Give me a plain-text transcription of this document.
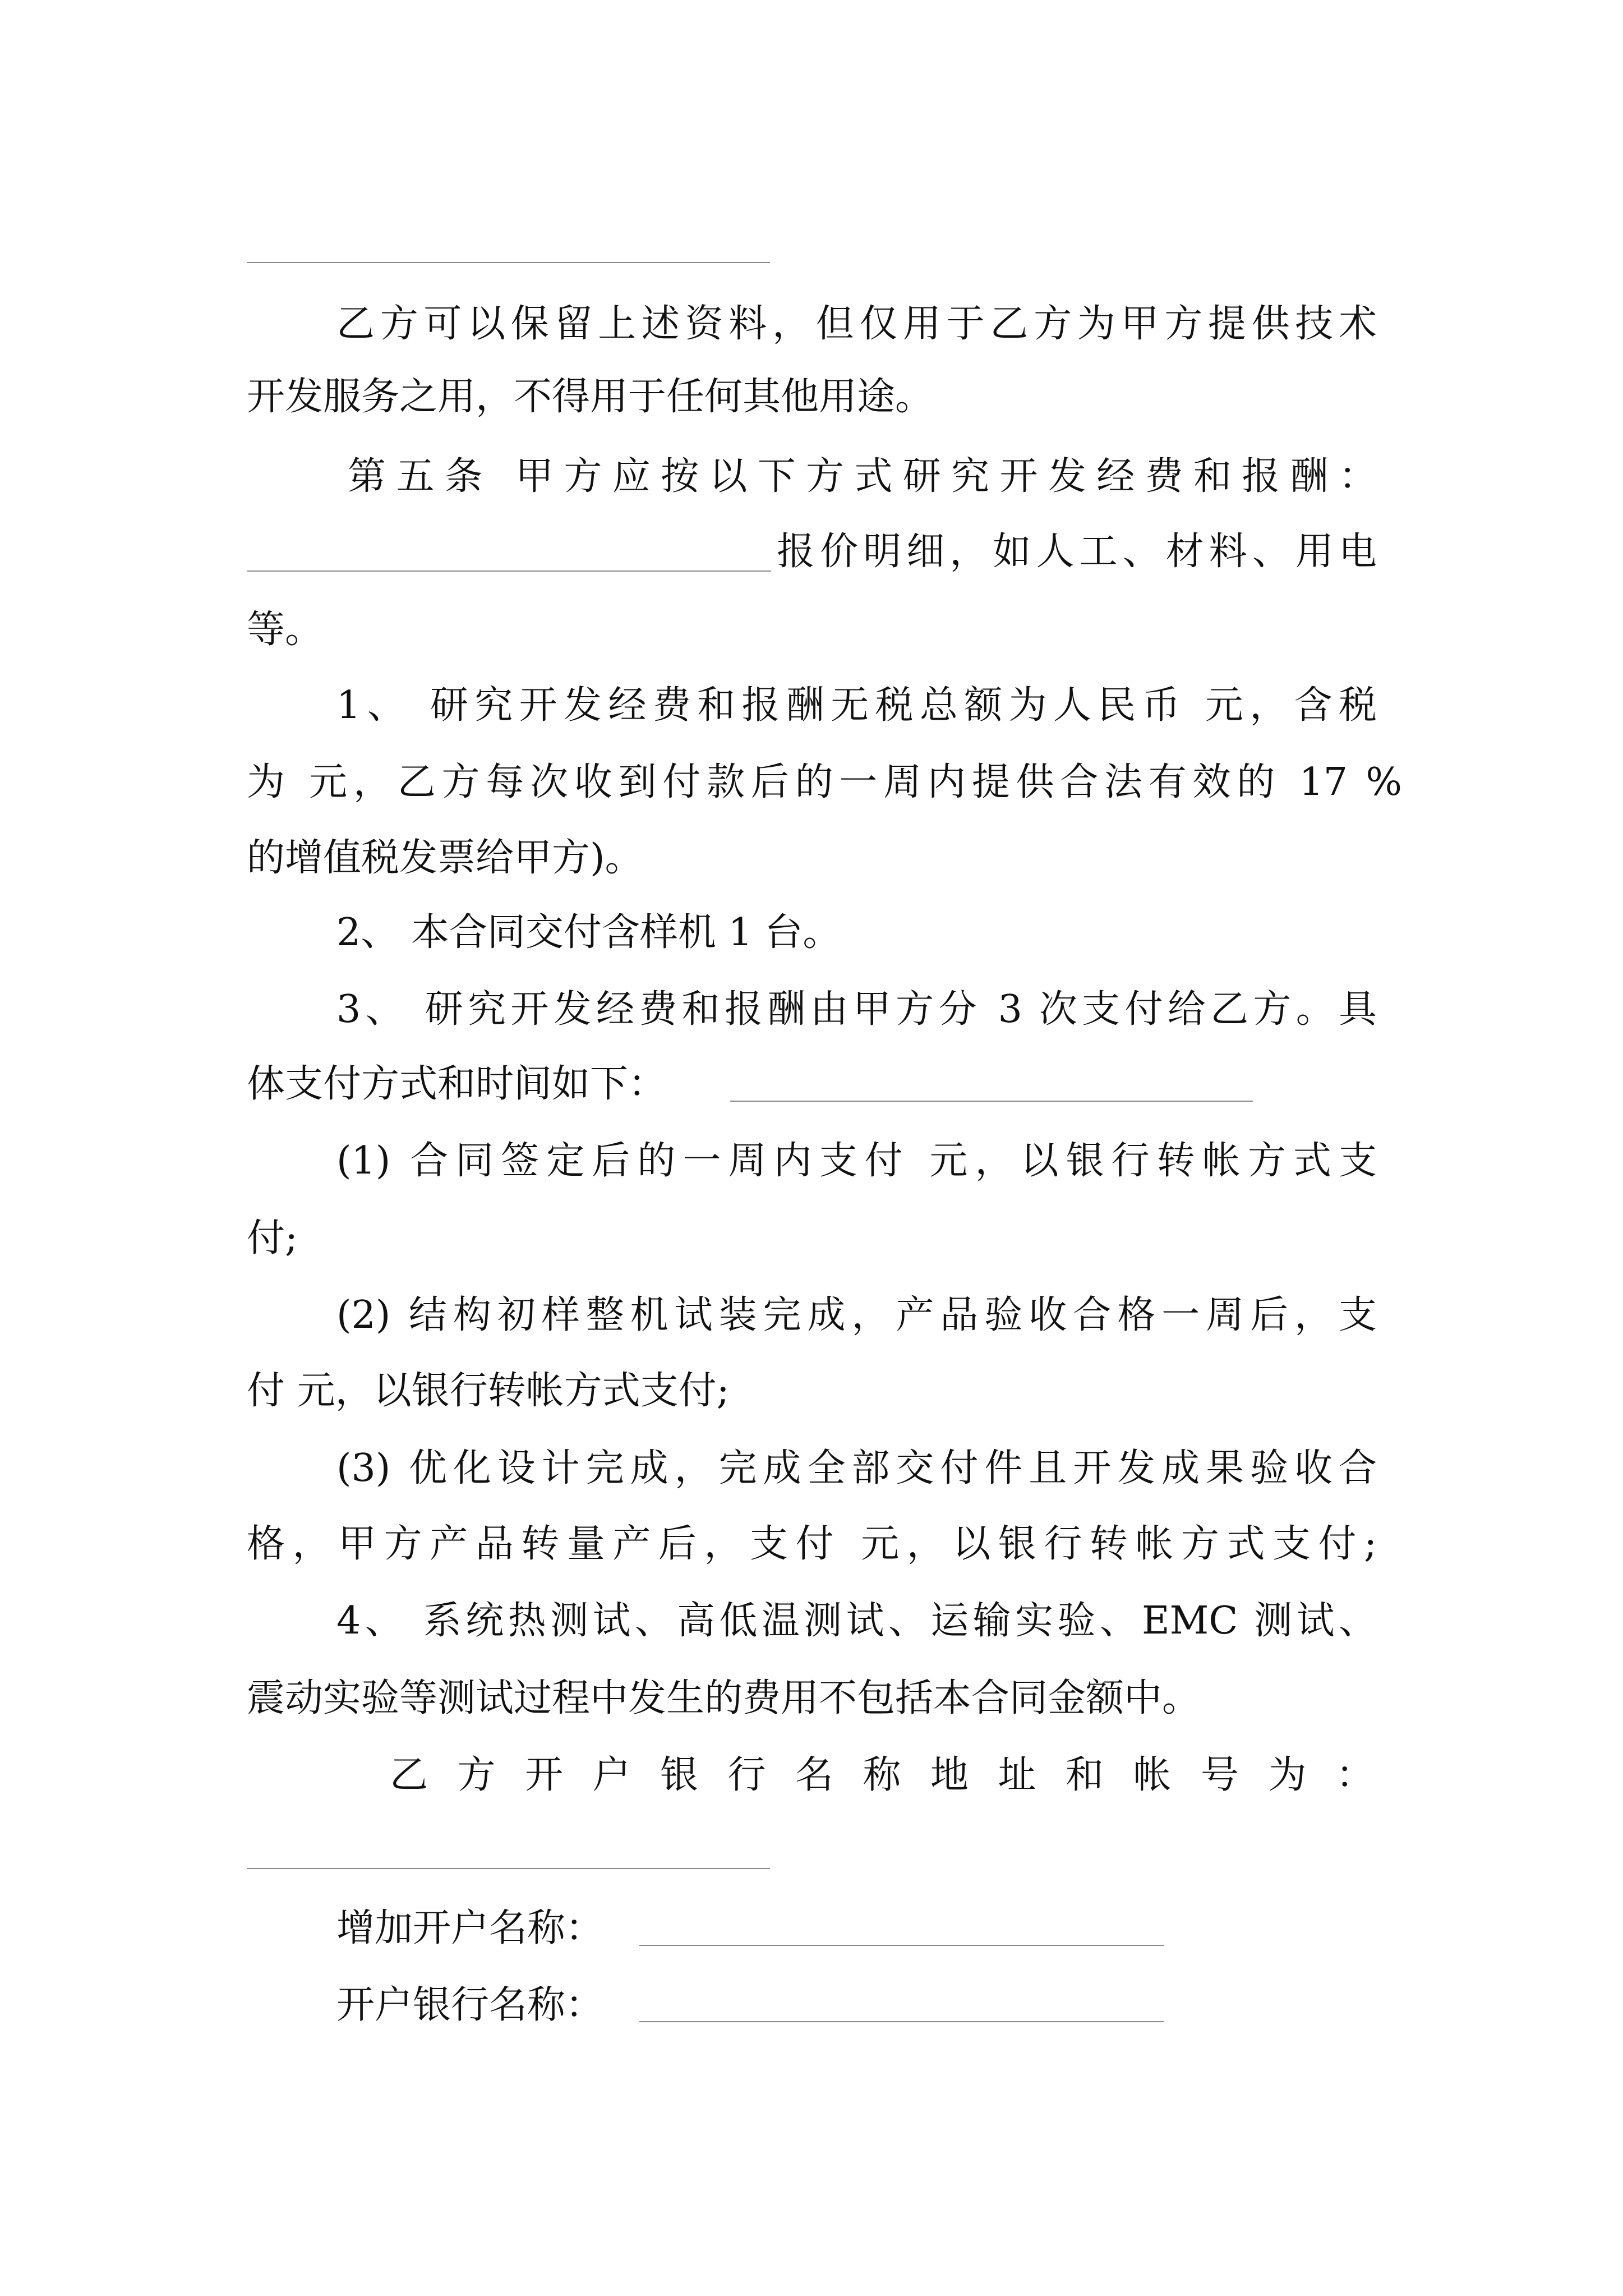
乙方可以保留上述资料，但仅用于乙方为甲方提供技术
开发服务之用，不得用于任何其他用途。
第五条 甲方应按以下方式研究开发经费和报酬：
报价明细，如人工、材料、用电
等。
1、 研究开发经费和报酬无税总额为人民币 元，含税
为 元，乙方每次收到付款后的一周内提供合法有效的 17 %
的增值税发票给甲方)。
2、 本合同交付含样机 1 台。
3、 研究开发经费和报酬由甲方分 3 次支付给乙方。具
体支付方式和时间如下：
(1) 合同签定后的一周内支付 元，以银行转帐方式支
付;
(2) 结构初样整机试装完成，产品验收合格一周后，支
付 元，以银行转帐方式支付;
(3) 优化设计完成，完成全部交付件且开发成果验收合
格，甲方产品转量产后，支付 元，以银行转帐方式支付;
4、 系统热测试、高低温测试、运输实验、EMC 测试、
震动实验等测试过程中发生的费用不包括本合同金额中。
乙方开户银行名称地址和帐号为：
增加开户名称：
开户银行名称：
